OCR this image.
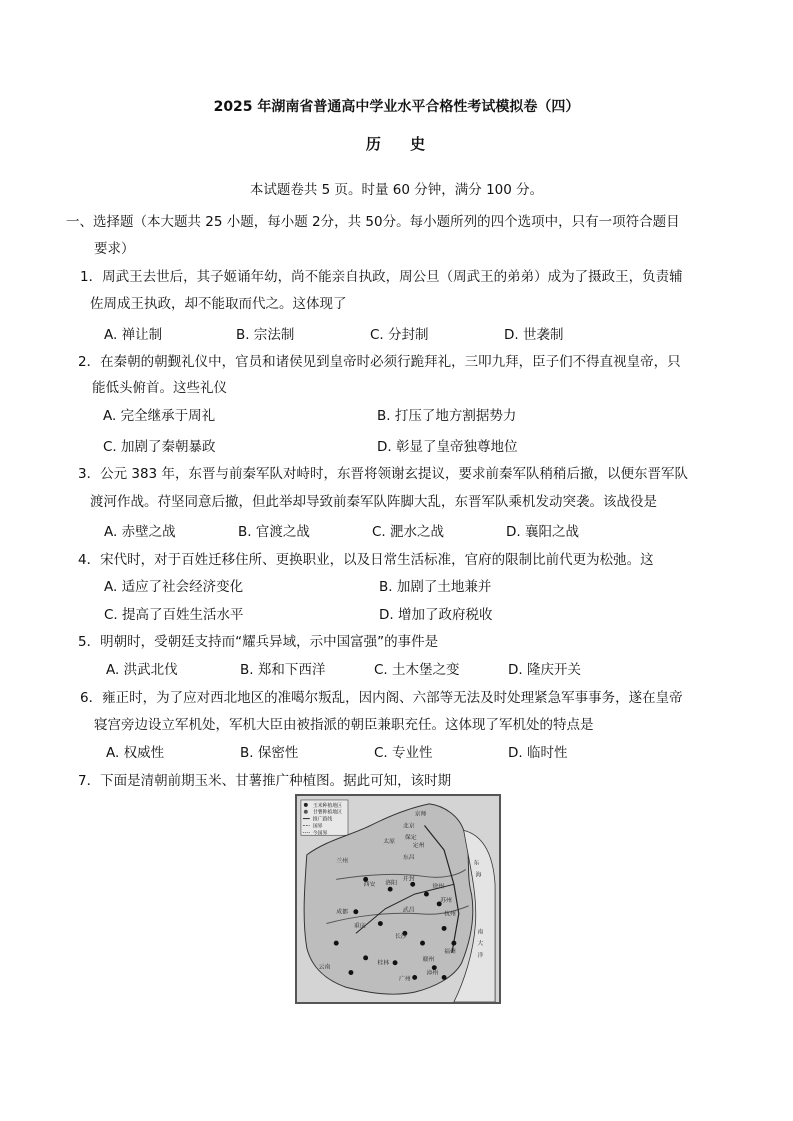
2025 年湖南省普通高中学业水平合格性考试模拟卷（四）
历 史
本试题卷共 5 页。时量 60 分钟，满分 100 分。
一、选择题（本大题共 25 小题，每小题 2分，共 50分。每小题所列的四个选项中，只有一项符合题目
要求）
1．周武王去世后，其子姬诵年幼，尚不能亲自执政，周公旦（周武王的弟弟）成为了摄政王，负责辅
佐周成王执政，却不能取而代之。这体现了
A. 禅让制	B. 宗法制	C. 分封制	D. 世袭制
2．在秦朝的朝觐礼仪中，官员和诸侯见到皇帝时必须行跪拜礼，三叩九拜，臣子们不得直视皇帝，只
能低头俯首。这些礼仪
A. 完全继承于周礼	B. 打压了地方割据势力
C. 加剧了秦朝暴政	D. 彰显了皇帝独尊地位
3．公元 383 年，东晋与前秦军队对峙时，东晋将领谢玄提议，要求前秦军队稍稍后撤，以便东晋军队
渡河作战。苻坚同意后撤，但此举却导致前秦军队阵脚大乱，东晋军队乘机发动突袭。该战役是
A. 赤壁之战	B. 官渡之战	C. 淝水之战	D. 襄阳之战
4．宋代时，对于百姓迁移住所、更换职业，以及日常生活标准，官府的限制比前代更为松弛。这
A. 适应了社会经济变化	B. 加剧了土地兼并
C. 提高了百姓生活水平	D. 增加了政府税收
5．明朝时，受朝廷支持而“耀兵异域，示中国富强”的事件是
A. 洪武北伐	B. 郑和下西洋	C. 土木堡之变	D. 隆庆开关
6．雍正时，为了应对西北地区的准噶尔叛乱，因内阁、六部等无法及时处理紧急军事事务，遂在皇帝
寝宫旁边设立军机处，军机大臣由被指派的朝臣兼职充任。这体现了军机处的特点是
A. 权威性	B. 保密性	C. 专业性	D. 临时性
7．下面是清朝前期玉米、甘薯推广种植图。据此可知，该时期
玉米种植地区
甘薯种植地区
推广路线
国界
今国界
京师
北京
保定
太原
定州
东昌
兰州
西安 洛阳
开封
徐州
武昌
长沙
重庆
成都
桂林
广州
福州
杭州
苏州
云南
赣州
漳州
东
海
南
大
洋
